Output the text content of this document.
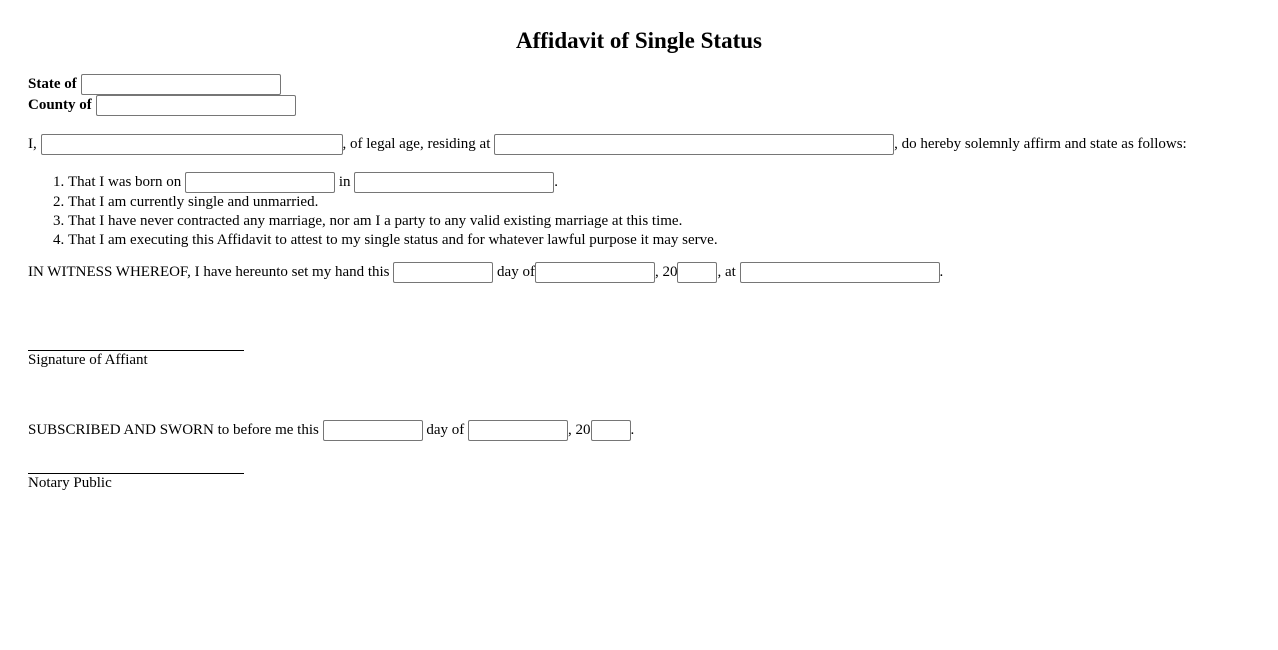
Affidavit of Single Status
State of
County of
I,	, of legal age, residing at	, do hereby solemnly affirm and state as follows:
1. That I was born on	in	.
2. That I am currently single and unmarried.
3. That I have never contracted any marriage, nor am I a party to any valid existing marriage at this time.
4. That I am executing this Affidavit to attest to my single status and for whatever lawful purpose it may serve.
IN WITNESS WHEREOF, I have hereunto set my hand this	day of	, 20	, at	.
Signature of Affiant
SUBSCRIBED AND SWORN to before me this	day of	, 20	.
Notary Public
